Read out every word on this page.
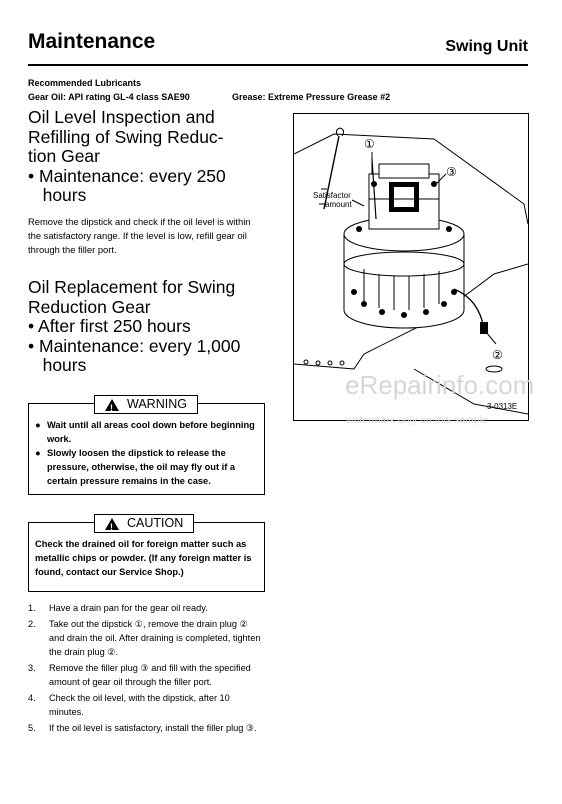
Maintenance	Swing Unit
Recommended Lubricants
Gear Oil: API rating GL-4 class SAE90	Grease: Extreme Pressure Grease #2
Oil Level Inspection and
Refilling of Swing Reduc-
tion Gear
• Maintenance: every 250
hours
Remove the dipstick and check if the oil level is within the satisfactory range. If the level is low, refill gear oil through the filler port.
Oil Replacement for Swing
Reduction Gear
• After first 250 hours
• Maintenance: every 1,000
hours
! WARNING
● Wait until all areas cool down before beginning work.
● Slowly loosen the dipstick to release the pressure, otherwise, the oil may fly out if a certain pressure remains in the case.
! CAUTION
Check the drained oil for foreign matter such as metallic chips or powder. (If any foreign matter is found, contact our Service Shop.)
1.	Have a drain pan for the gear oil ready.
2.	Take out the dipstick ①, remove the drain plug ② and drain the oil. After draining is completed, tighten the drain plug ②.
3.	Remove the filler plug ③ and fill with the specified amount of gear oil through the filler port.
4.	Check the oil level, with the dipstick, after 10 minutes.
5.	If the oil level is satisfactory, install the filler plug ③.
①
③
②
Satisfactor
amount
3-0313E
eRepairinfo.com
watermark only on this sample
